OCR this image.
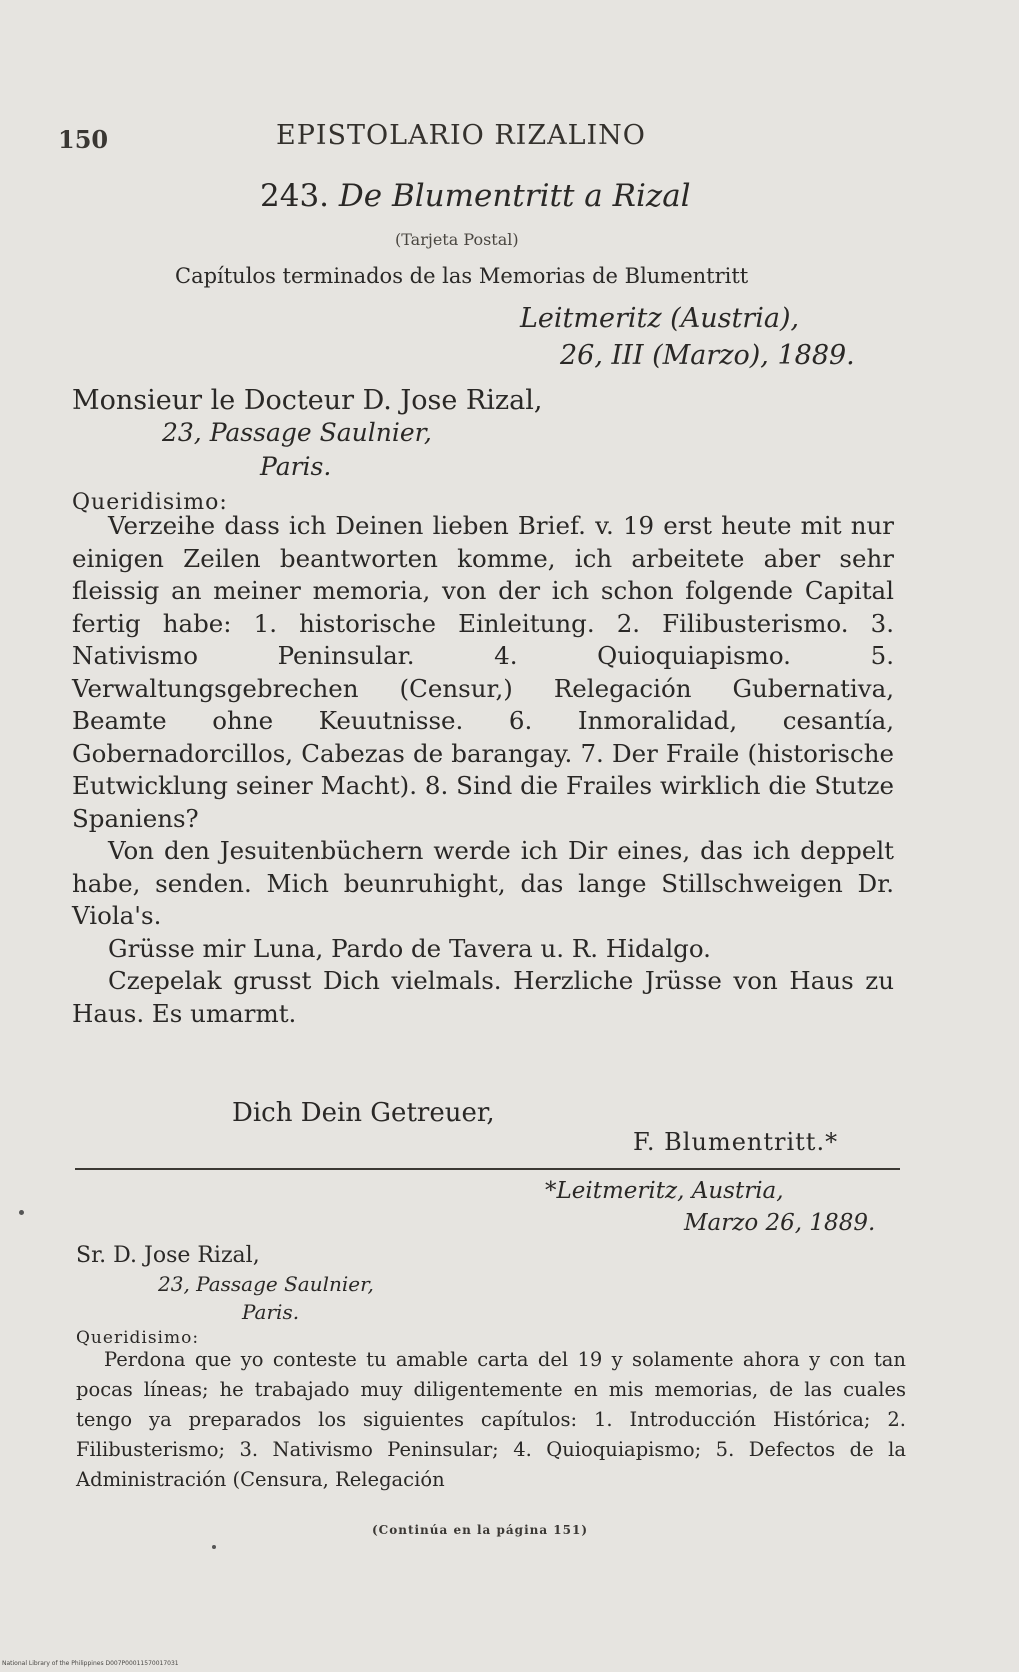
150	EPISTOLARIO RIZALINO
243. De Blumentritt a Rizal
(Tarjeta Postal)
Capítulos terminados de las Memorias de Blumentritt
Leitmeritz (Austria),
26, III (Marzo), 1889.
Monsieur le Docteur D. Jose Rizal,
23, Passage Saulnier,
Paris.
Queridisimo:

Verzeihe dass ich Deinen lieben Brief. v. 19 erst heute mit nur einigen Zeilen beantworten komme, ich arbeitete aber sehr fleissig an meiner memoria, von der ich schon folgende Capital fertig habe: 1. historische Einleitung. 2. Filibusterismo. 3. Nativismo Peninsular. 4. Quioquiapismo. 5. Verwaltungsgebrechen (Censur,) Relegación Gubernativa, Beamte ohne Keuutnisse. 6. Inmoralidad, cesantía, Gobernadorcillos, Cabezas de barangay. 7. Der Fraile (historische Eutwicklung seiner Macht). 8. Sind die Frailes wirklich die Stutze Spaniens?

Von den Jesuitenbüchern werde ich Dir eines, das ich deppelt habe, senden. Mich beunruhight, das lange Stillschweigen Dr. Viola's.

Grüsse mir Luna, Pardo de Tavera u. R. Hidalgo.

Czepelak grusst Dich vielmals. Herzliche Jrüsse von Haus zu Haus. Es umarmt.

Dich Dein Getreuer,
F. Blumentritt.*
*Leitmeritz, Austria,
Marzo 26, 1889.
Sr. D. Jose Rizal,
23, Passage Saulnier,
Paris.
Queridisimo:

Perdona que yo conteste tu amable carta del 19 y solamente ahora y con tan pocas líneas; he trabajado muy diligentemente en mis memorias, de las cuales tengo ya preparados los siguientes capítulos: 1. Introducción Histórica; 2. Filibusterismo; 3. Nativismo Peninsular; 4. Quioquiapismo; 5. Defectos de la Administración (Censura, Relegación

(Continúa en la página 151)
National Library of the Philippines D007P00011570017031
